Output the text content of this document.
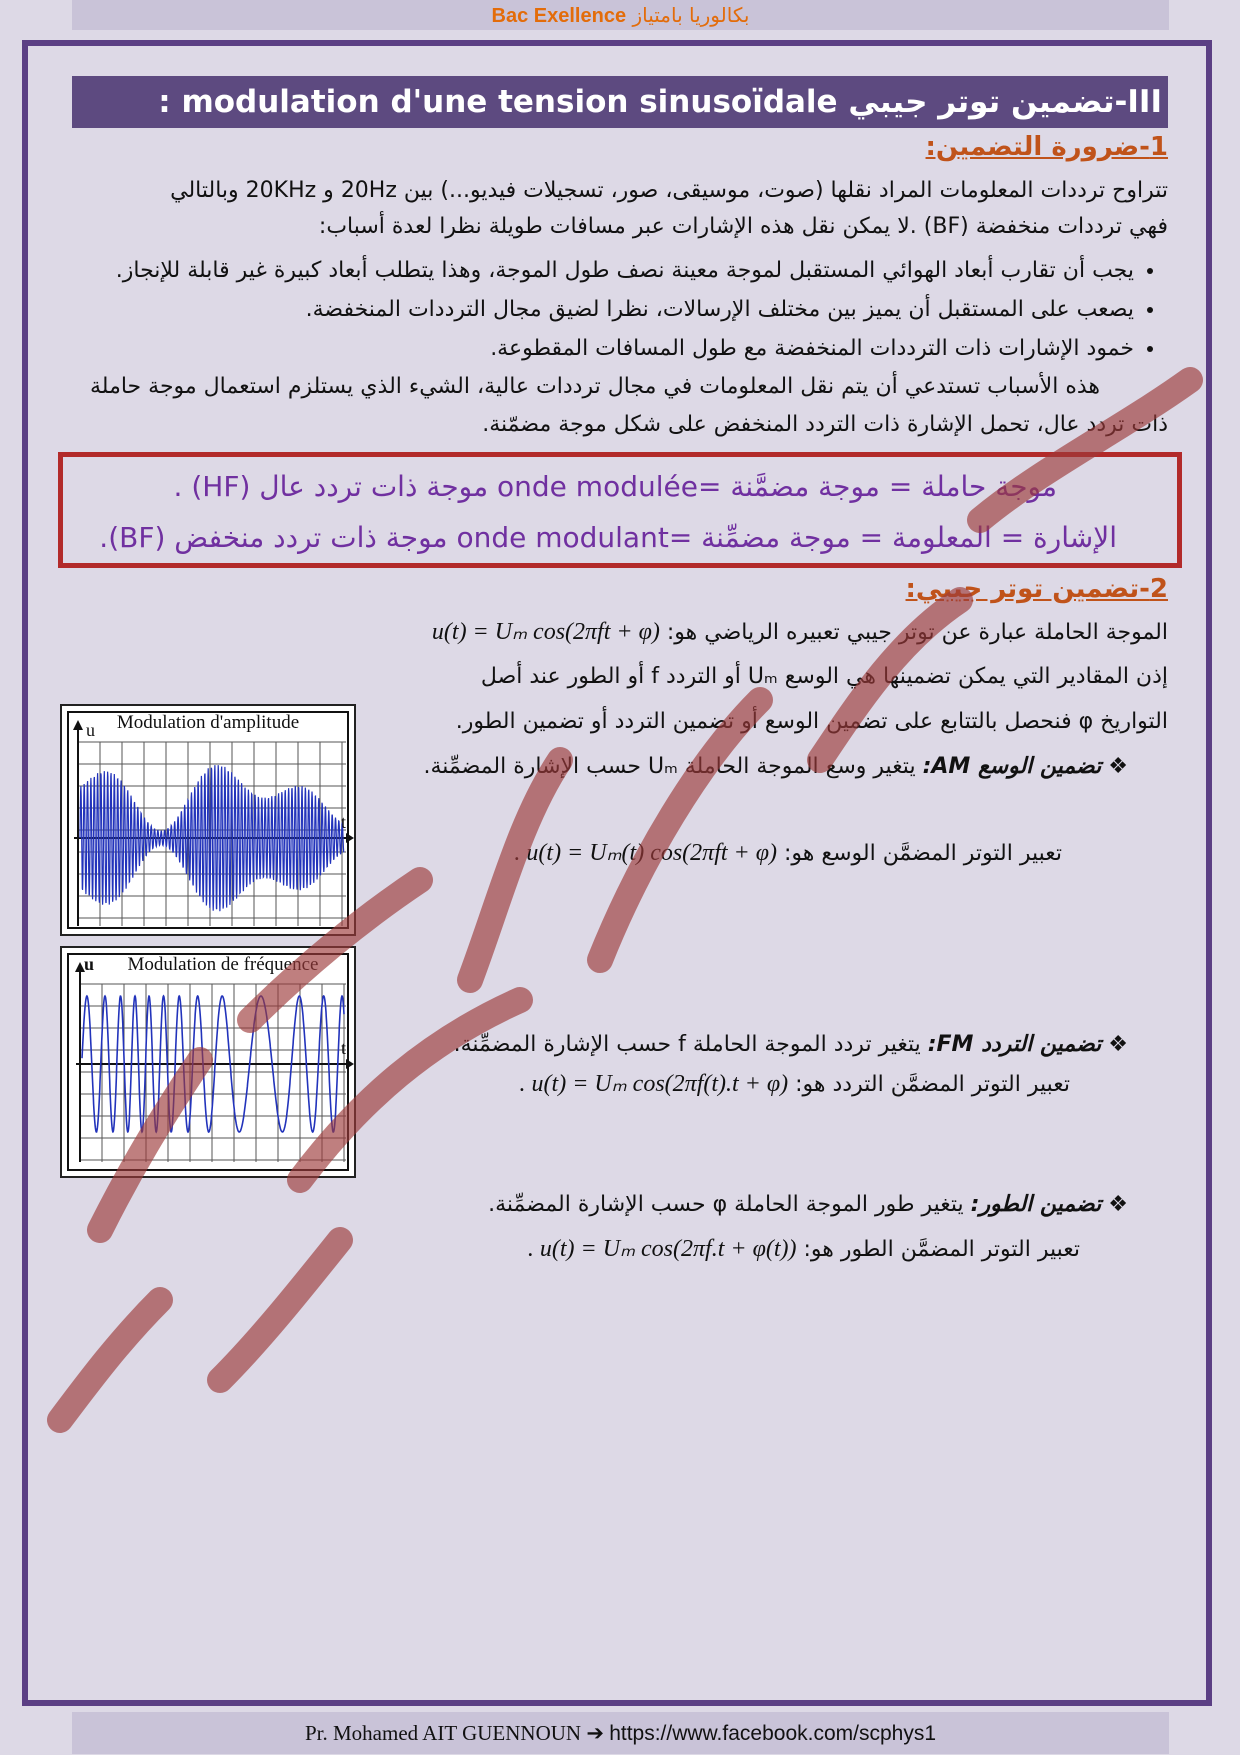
Bac Exellence بكالوريا بامتياز
III-تضمين توتر جيبي modulation d'une tension sinusoïdale :
1-ضرورة التضمين:
تتراوح ترددات المعلومات المراد نقلها (صوت، موسيقى، صور، تسجيلات فيديو...) بين 20Hz و 20KHz وبالتالي
فهي ترددات منخفضة (BF) .لا يمكن نقل هذه الإشارات عبر مسافات طويلة نظرا لعدة أسباب:
• يجب أن تقارب أبعاد الهوائي المستقبل لموجة معينة نصف طول الموجة، وهذا يتطلب أبعاد كبيرة غير قابلة للإنجاز.
• يصعب على المستقبل أن يميز بين مختلف الإرسالات، نظرا لضيق مجال الترددات المنخفضة.
• خمود الإشارات ذات الترددات المنخفضة مع طول المسافات المقطوعة.
هذه الأسباب تستدعي أن يتم نقل المعلومات في مجال ترددات عالية، الشيء الذي يستلزم استعمال موجة حاملة
ذات تردد عال، تحمل الإشارة ذات التردد المنخفض على شكل موجة مضمّنة.
موجة حاملة = موجة مضمَّنة =onde modulée موجة ذات تردد عال (HF) .
الإشارة = المعلومة = موجة مضمِّنة =onde modulant موجة ذات تردد منخفض (BF).
2-تضمين توتر جيبي:
الموجة الحاملة عبارة عن توتر جيبي تعبيره الرياضي هو: u(t) = Uₘ cos(2πft + φ)
إذن المقادير التي يمكن تضمينها هي الوسع Uₘ أو التردد f أو الطور عند أصل
التواريخ φ فنحصل بالتتابع على تضمين الوسع أو تضمين التردد أو تضمين الطور.
❖ تضمين الوسع AM: يتغير وسع الموجة الحاملة Uₘ حسب الإشارة المضمِّنة.
تعبير التوتر المضمَّن الوسع هو: u(t) = Uₘ(t) cos(2πft + φ) .
❖ تضمين التردد FM: يتغير تردد الموجة الحاملة f حسب الإشارة المضمِّنة.
تعبير التوتر المضمَّن التردد هو: u(t) = Uₘ cos(2πf(t).t + φ) .
❖ تضمين الطور: يتغير طور الموجة الحاملة φ حسب الإشارة المضمِّنة.
تعبير التوتر المضمَّن الطور هو: u(t) = Uₘ cos(2πf.t + φ(t)) .
Modulation d'amplitude
u
t
Modulation de fréquence
u
t
Pr. Mohamed AIT GUENNOUN ➔ https://www.facebook.com/scphys1
